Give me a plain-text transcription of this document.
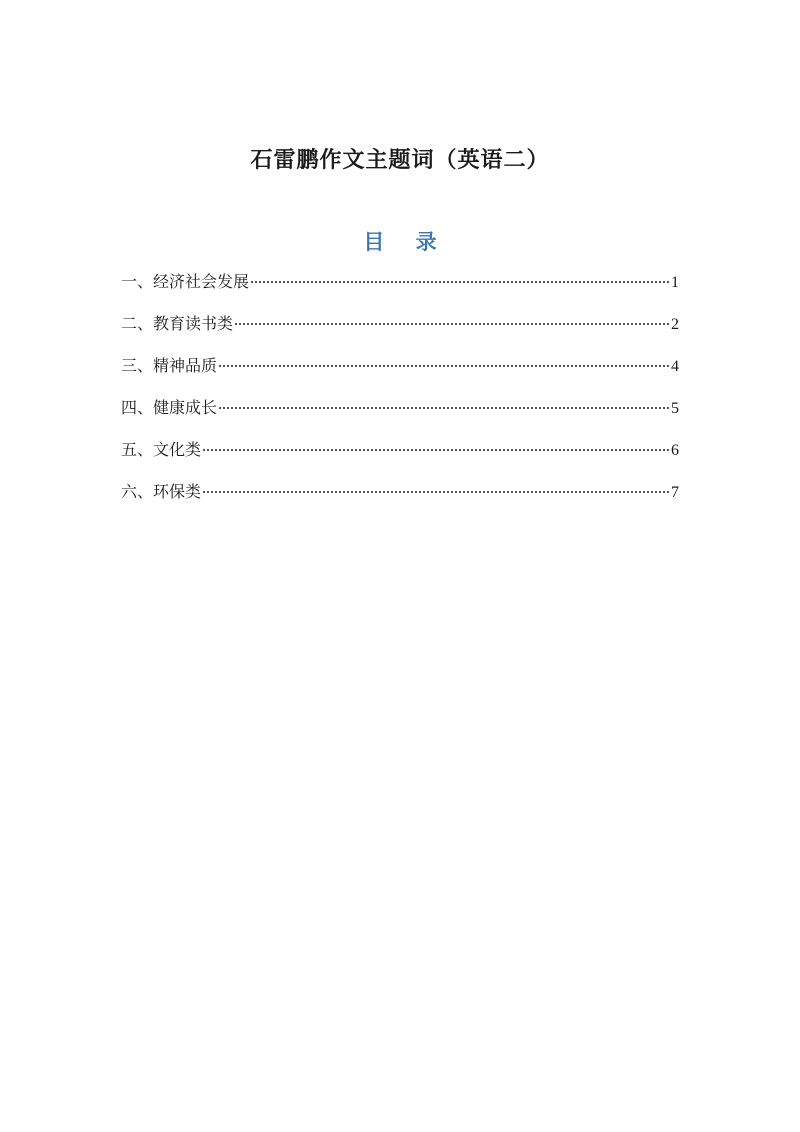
石雷鹏作文主题词（英语二）
目 录
一、经济社会发展	1
二、教育读书类	2
三、精神品质	4
四、健康成长	5
五、文化类	6
六、环保类	7
